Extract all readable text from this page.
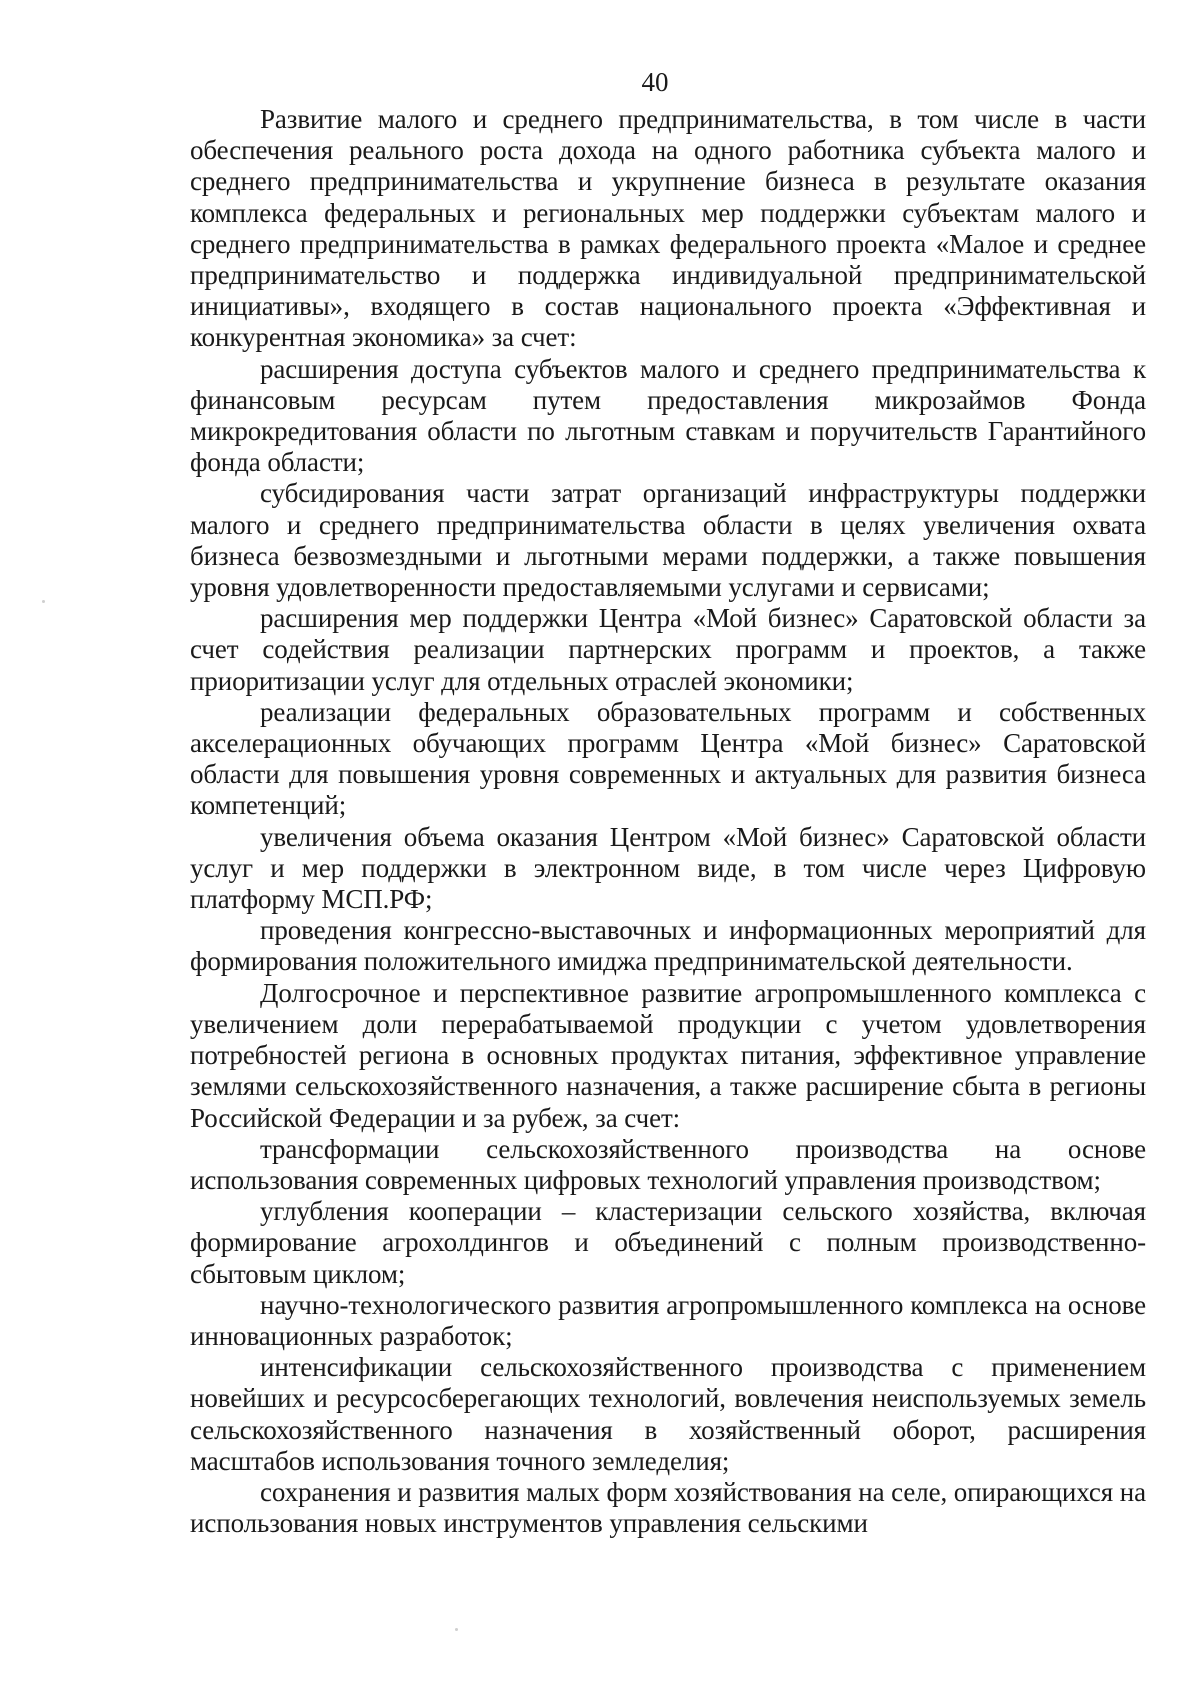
40

Развитие малого и среднего предпринимательства, в том числе в части обеспечения реального роста дохода на одного работника субъекта малого и среднего предпринимательства и укрупнение бизнеса в результате оказания комплекса федеральных и региональных мер поддержки субъектам малого и среднего предпринимательства в рамках федерального проекта «Малое и среднее предпринимательство и поддержка индивидуальной предпринимательской инициативы», входящего в состав национального проекта «Эффективная и конкурентная экономика» за счет:

расширения доступа субъектов малого и среднего предпринимательства к финансовым ресурсам путем предоставления микрозаймов Фонда микрокредитования области по льготным ставкам и поручительств Гарантийного фонда области;

субсидирования части затрат организаций инфраструктуры поддержки малого и среднего предпринимательства области в целях увеличения охвата бизнеса безвозмездными и льготными мерами поддержки, а также повышения уровня удовлетворенности предоставляемыми услугами и сервисами;

расширения мер поддержки Центра «Мой бизнес» Саратовской области за счет содействия реализации партнерских программ и проектов, а также приоритизации услуг для отдельных отраслей экономики;

реализации федеральных образовательных программ и собственных акселерационных обучающих программ Центра «Мой бизнес» Саратовской области для повышения уровня современных и актуальных для развития бизнеса компетенций;

увеличения объема оказания Центром «Мой бизнес» Саратовской области услуг и мер поддержки в электронном виде, в том числе через Цифровую платформу МСП.РФ;

проведения конгрессно-выставочных и информационных мероприятий для формирования положительного имиджа предпринимательской деятельности.

Долгосрочное и перспективное развитие агропромышленного комплекса с увеличением доли перерабатываемой продукции с учетом удовлетворения потребностей региона в основных продуктах питания, эффективное управление землями сельскохозяйственного назначения, а также расширение сбыта в регионы Российской Федерации и за рубеж, за счет:

трансформации сельскохозяйственного производства на основе использования современных цифровых технологий управления производством;

углубления кооперации – кластеризации сельского хозяйства, включая формирование агрохолдингов и объединений с полным производственно-сбытовым циклом;

научно-технологического развития агропромышленного комплекса на основе инновационных разработок;

интенсификации сельскохозяйственного производства с применением новейших и ресурсосберегающих технологий, вовлечения неиспользуемых земель сельскохозяйственного назначения в хозяйственный оборот, расширения масштабов использования точного земледелия;

сохранения и развития малых форм хозяйствования на селе, опирающихся на использования новых инструментов управления сельскими
